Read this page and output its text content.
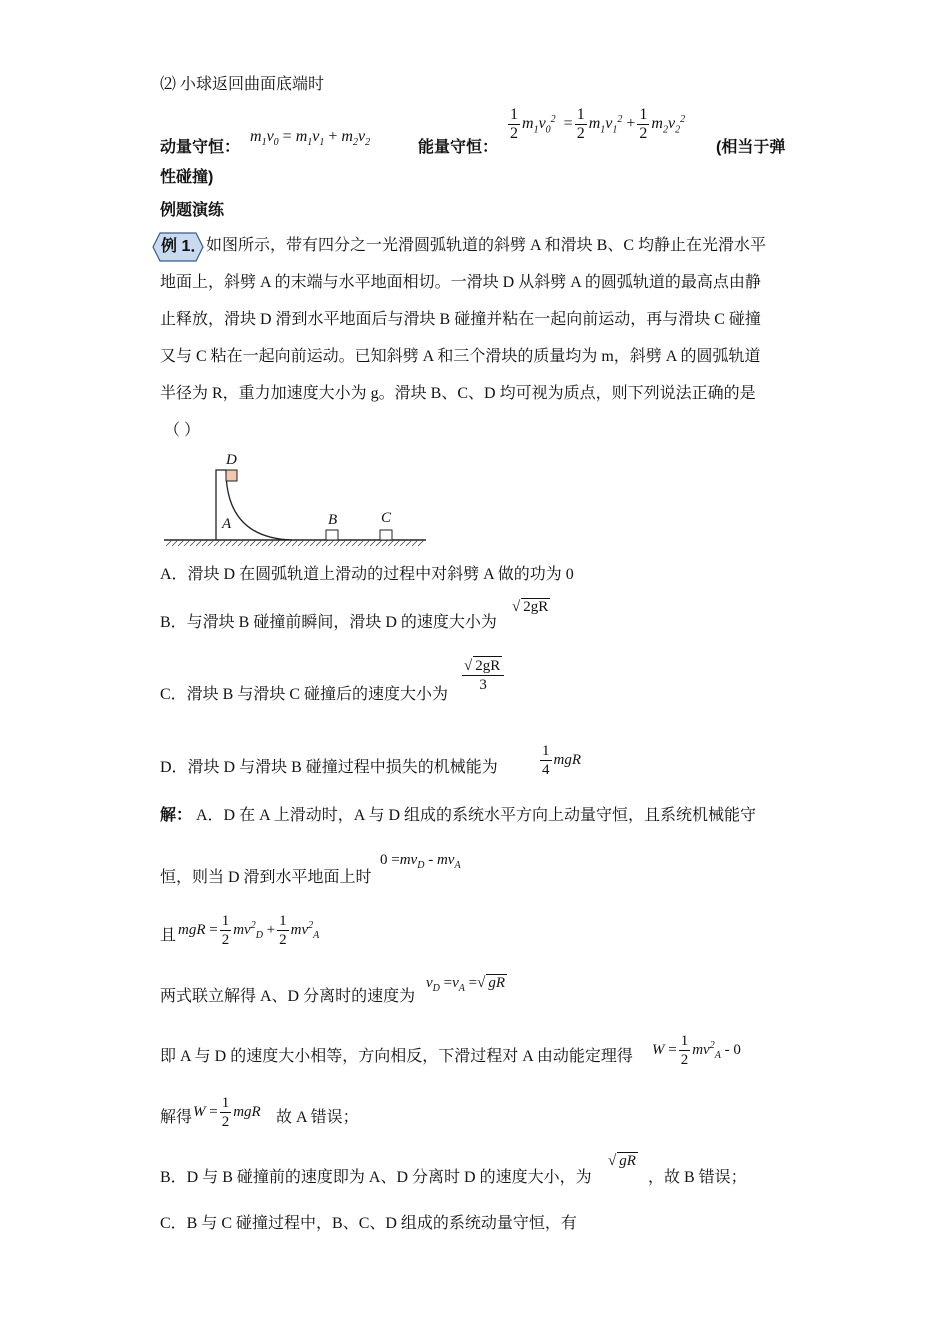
⑵ 小球返回曲面底端时
动量守恒：
$m_1v_0 = m_1v_1 + m_2v_2$	能量守恒：
$\frac{1}{2} m_1v_0^2 = \frac{1}{2} m_1v_1^2 + \frac{1}{2} m_2v_2^2$
(相当于弹
性碰撞)
例题演练
例 1． 如图所示，带有四分之一光滑圆弧轨道的斜劈 A 和滑块 B、C 均静止在光滑水平
地面上，斜劈 A 的末端与水平地面相切。一滑块 D 从斜劈 A 的圆弧轨道的最高点由静
止释放，滑块 D 滑到水平地面后与滑块 B 碰撞并粘在一起向前运动，再与滑块 C 碰撞
又与 C 粘在一起向前运动。已知斜劈 A 和三个滑块的质量均为 m，斜劈 A 的圆弧轨道
半径为 R，重力加速度大小为 g。滑块 B、C、D 均可视为质点，则下列说法正确的是
（ ）
D
A	B	C
A．滑块 D 在圆弧轨道上滑动的过程中对斜劈 A 做的功为 0
B．与滑块 B 碰撞前瞬间，滑块 D 的速度大小为
√ 2gR
C．滑块 B 与滑块 C 碰撞后的速度大小为
$\frac{√ 2gR}{3}$
D．滑块 D 与滑块 B 碰撞过程中损失的机械能为	$\frac{1}{4}$ mgR
解： A．D 在 A 上滑动时，A 与 D 组成的系统水平方向上动量守恒，且系统机械能守
恒，则当 D 滑到水平地面上时
$0 =mv_D - mv_A$
且 mgR = $\frac{1}{2} mv^2_D + \frac{1}{2} mv^2_A$
两式联立解得 A、D 分离时的速度为
$v_D =v_A$ =√ gR
即 A 与 D 的速度大小相等，方向相反，下滑过程对 A 由动能定理得 $W = \frac{1}{2} mv^2_A - 0$
解得 $W = \frac{1}{2}$ mgR 故 A 错误；
B．D 与 B 碰撞前的速度即为 A、D 分离时 D 的速度大小，为
√ gR
，故 B 错误；
C．B 与 C 碰撞过程中，B、C、D 组成的系统动量守恒，有
